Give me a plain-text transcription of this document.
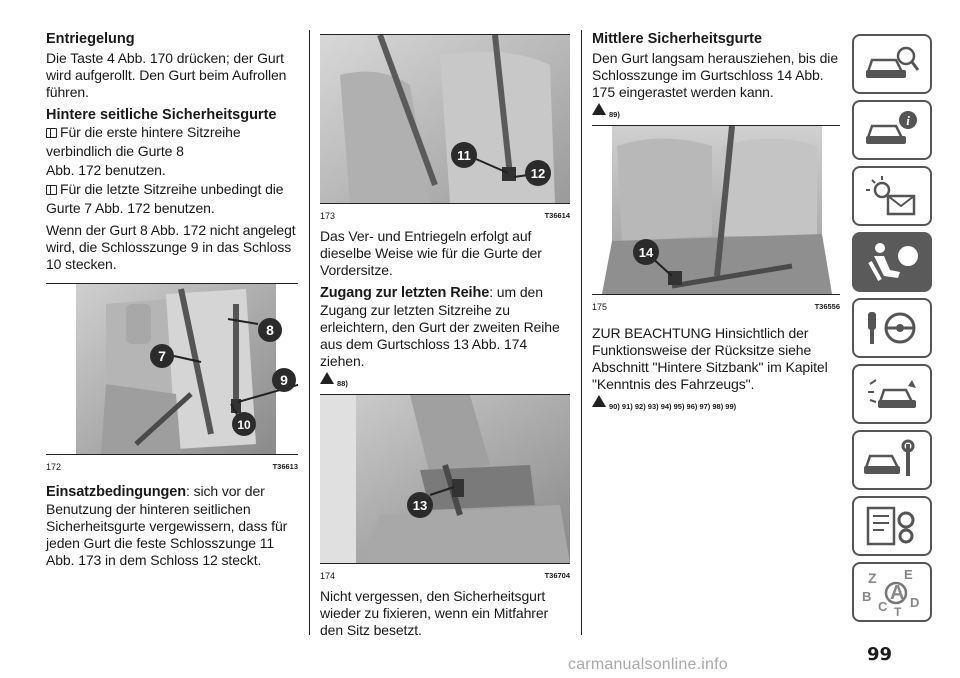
Entriegelung

Die Taste 4 Abb. 170 drücken; der Gurt wird aufgerollt. Den Gurt beim Aufrollen führen.

Hintere seitliche Sicherheitsgurte

Für die erste hintere Sitzreihe

verbindlich die Gurte 8

Abb. 172 benutzen.

Für die letzte Sitzreihe unbedingt die

Gurte 7 Abb. 172 benutzen.

Wenn der Gurt 8 Abb. 172 nicht angelegt wird, die Schlosszunge 9 in das Schloss 10 stecken.

8
7
9
10
172	T36613

Einsatzbedingungen: sich vor der Benutzung der hinteren seitlichen Sicherheitsgurte vergewissern, dass für jeden Gurt die feste Schlosszunge 11 Abb. 173 in dem Schloss 12 steckt.

11
12
173	T36614

Das Ver- und Entriegeln erfolgt auf dieselbe Weise wie für die Gurte der Vordersitze.

Zugang zur letzten Reihe: um den Zugang zur letzten Sitzreihe zu erleichtern, den Gurt der zweiten Reihe aus dem Gurtschloss 13 Abb. 174 ziehen.

88)
13
174	T36704

Nicht vergessen, den Sicherheitsgurt wieder zu fixieren, wenn ein Mitfahrer den Sitz besetzt.

Mittlere Sicherheitsgurte

Den Gurt langsam herausziehen, bis die Schlosszunge im Gurtschloss 14 Abb. 175 eingerastet werden kann.

89)
14
175	T36556

ZUR BEACHTUNG Hinsichtlich der Funktionsweise der Rücksitze siehe Abschnitt "Hintere Sitzbank" im Kapitel "Kenntnis des Fahrzeugs".

90) 91) 92) 93) 94) 95) 96) 97) 98) 99)
i
Z E
B A
C D
T
99
carmanualsonline.info
